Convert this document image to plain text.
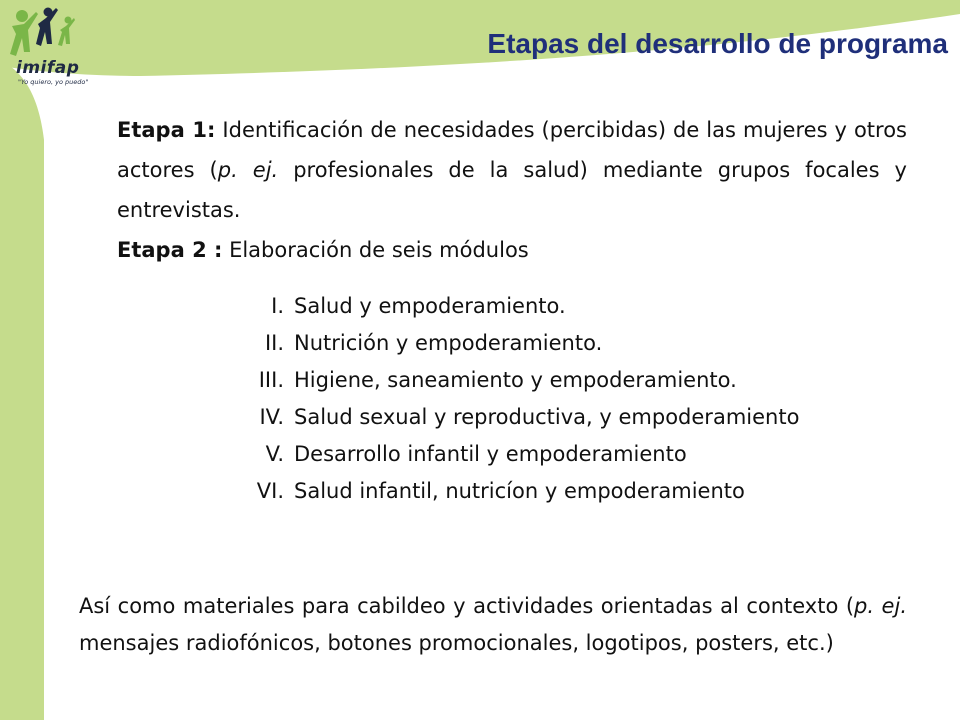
imifap
"Yo quiero, yo puedo"
Etapas del desarrollo de programa

Etapa 1: Identificación de necesidades (percibidas) de las mujeres y otros actores (p. ej. profesionales de la salud) mediante grupos focales y entrevistas.

Etapa 2 : Elaboración de seis módulos

I. Salud y empoderamiento.
II. Nutrición y empoderamiento.
III. Higiene, saneamiento y empoderamiento.
IV. Salud sexual y reproductiva, y empoderamiento
V. Desarrollo infantil y empoderamiento
VI. Salud infantil, nutricíon y empoderamiento

Así como materiales para cabildeo y actividades orientadas al contexto (p. ej. mensajes radiofónicos, botones promocionales, logotipos, posters, etc.)
